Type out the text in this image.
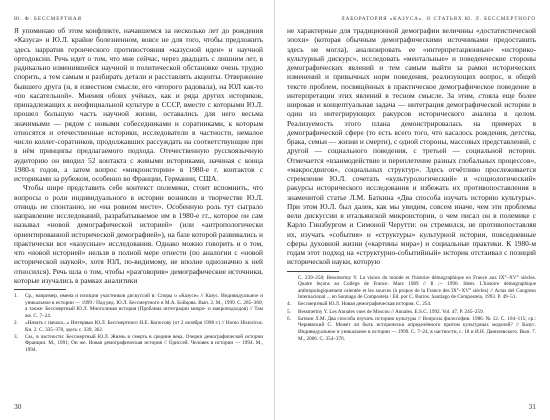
Ю. Ф. БЕССМЕРТНАЯ

Я упоминаю об этом конфликте, начавшемся за несколько лет до рождения «Казуса» и Ю.Л. крайне болезненном, вовсе не для того, чтобы предложить здесь нарратив героического противостояния «казусной идеи» и научной ортодоксии. Речь идет о том, что мне сейчас, через двадцать с лишним лет, в радикально изменившейся научной и политической обстановке очень трудно спорить, а тем самым и разбирать детали и расставлять акценты. Отвержение бывшего друга (и, в известном смысле, его «второго радовала), на ЮЛ как-то «по касательной». Мнения обоих учёных, как и ряда других историков, принадлежащих к неофициальной культуре в СССР, вместе с которыми Ю.Л. прошел большую часть научной жизни, оставались для него весьма значимыми — рядом с новыми собеседниками и соратниками, к которым относятся и отечественные историки, исследователи в частности, немалое число коллег-соратников, продолжавших рассуждать на соответствующие при в нём принципы предлагаемого подхода. Отечественную русскоязычную аудиторию он вводил 52 контакта с живыми историками, начиная с конца 1980-х годов, а затем вопрос «микроистории» в 1980-е г. контактов с историками за рубежом, особенно во Франции, Германии, США.

Чтобы шире представить себе контекст полемики, стоит вспомнить, что вопросы о роли индивидуального в истории возникли в творчестве Ю.Л. отнюдь не спонтанно, не «на ровном месте». Особенную роль тут сыграло направление исследований, разрабатываемое им в 1980-е гг., которое он сам называл «новой демографической историей» (или «антропологически ориентированной исторической демографией»), на базе которой развивались и практически все «казусные» исследования. Однако можно говорить и о том, что «новой историей» нельзя в полной мере отнести (по аналогии с «новой исторической наукой», хотя ЮЛ, по-видимому, не вполне однозначно к ней относился). Речь шла о том, чтобы «разговорив» демографические источники, которые изучались в рамках аналитики

1.	Ср., например, имена и позиции участников дискуссий в: Споры о «Казусе» // Казус. Индивидуальное и уникальное в истории — 1999 / Под ред. Ю.Л. Бессмертного и М.А. Бойцова. Вып. 2. М., 1999. С. 285–360; а также: Бессмертный Ю.Л. Многоликая история (Проблема интеграции микро- и макроподходов) // Там же. С. 7–24.
2.	«Начать с начала...» Интервью Ю.Л. Бессмертного Н.Е. Копосову (от 2 октября 1998 г.) // Homo Historicus. Кн. 2. С. 335–370, здесь с. 339, 362.
3.	См., в частности: Бессмертный Ю.Л. Жизнь и смерть в средние века. Очерки демографической истории Франции. М., 1991; Он же. Новая демографическая история // Одиссей. Человек в истории — 1994. М., 1994.
30
ЛАБОРАТОРИЯ «КАЗУСА». О СТАТЬЯХ Ю. Л. БЕССМЕРТНОГО

не характерные для традиционной демографии величины «достатистической эпохи» (которая обычным демографическими источниками предоставить здесь не могла), анализировать ее «интерпретационные» «историко-культурный дискурс», исследовать «ментальные» и поведенческие стороны демографических явлений и тем самым выйти за рамки исторических изменений и привычных норм поведения, реализующих вопрос, в общей тексте проблем, посвящённых в практическое демографическое поведение в интерпретации этих явлений в тесном смысле. За этим, стояла еще более широкая и концептуальная задача — интеграция демографической истории в один из интегрирующих ракурсов исторического анализа в целом. Реализуемость этого плана демонстрировалась на примерах в демографической сфере (то есть всего того, что касалось рождения, детства, брака, семьи — жизни и смерти), с одной стороны, массовых представлений, с другой — социального поведения, с третьей — социальной истории. Отмечается «взаимодействие и переплетение разных глобальных процессов», «макросдвигов», социальных структур». Здесь отчётливо прослеживается стремление Ю.Л. сочетать «культурологический» и «социологический» ракурсы исторического исследования и избежать их противопоставления в знаменитой статье Л.М. Баткина «Два способа изучать историю культуры». При этом Ю.Л. был далек, как мы увидим, совсем иначе, чем эти проблемы вели дискуссии в итальянской микроистории, о чем писал он в полемике с Карло Гинзбургом и Симоной Черутти: он стремился, не противопоставляя их, изучать «события» и «структуры» культурной истории, повседневные сферы духовной жизни («картины мира») и социальные практики. К 1980-м годам этот подход на «структурно-событийный» историк отстаивал с позиций исторической науки, которую

С. 239–258; Bessmertny Y. La vision du monde et l'histoire démographique en France aux IX°–XV° siècles. Quatre leçons au Collège de France. Mars 1989 // Il ;-- 1990. Idem. L'histoire démographique anthropologiquement orientée et les sources (à propos de la France des IX°–XV° siècles) // Actas del Congreso Internacional ... en Santiago de Compostela / Ed. por C. Barros. Santiago de Compostela, 1993. P. 49–51.
4.	Бессмертный Ю.Л. Новая демографическая история. С. 254.
5.	Bessmertny Y. Les Annales vues de Moscou // Annales. E.S.C. 1992. Vol. 47. P. 245–259.
6.	Баткин Л.М. Два способа изучать историю культуры // Вопросы философии. 1986. № 12. С. 104–115; ср.: Чернявский С. Может ли быть исторически определённого притом культурных моделей? // Казус. Индивидуальное и уникальное в истории — 1999. С. 7–24, в частности, с. 18 и И.Н. Данилевского. Вып. 7. М., 2006. С. 354–376.
31
